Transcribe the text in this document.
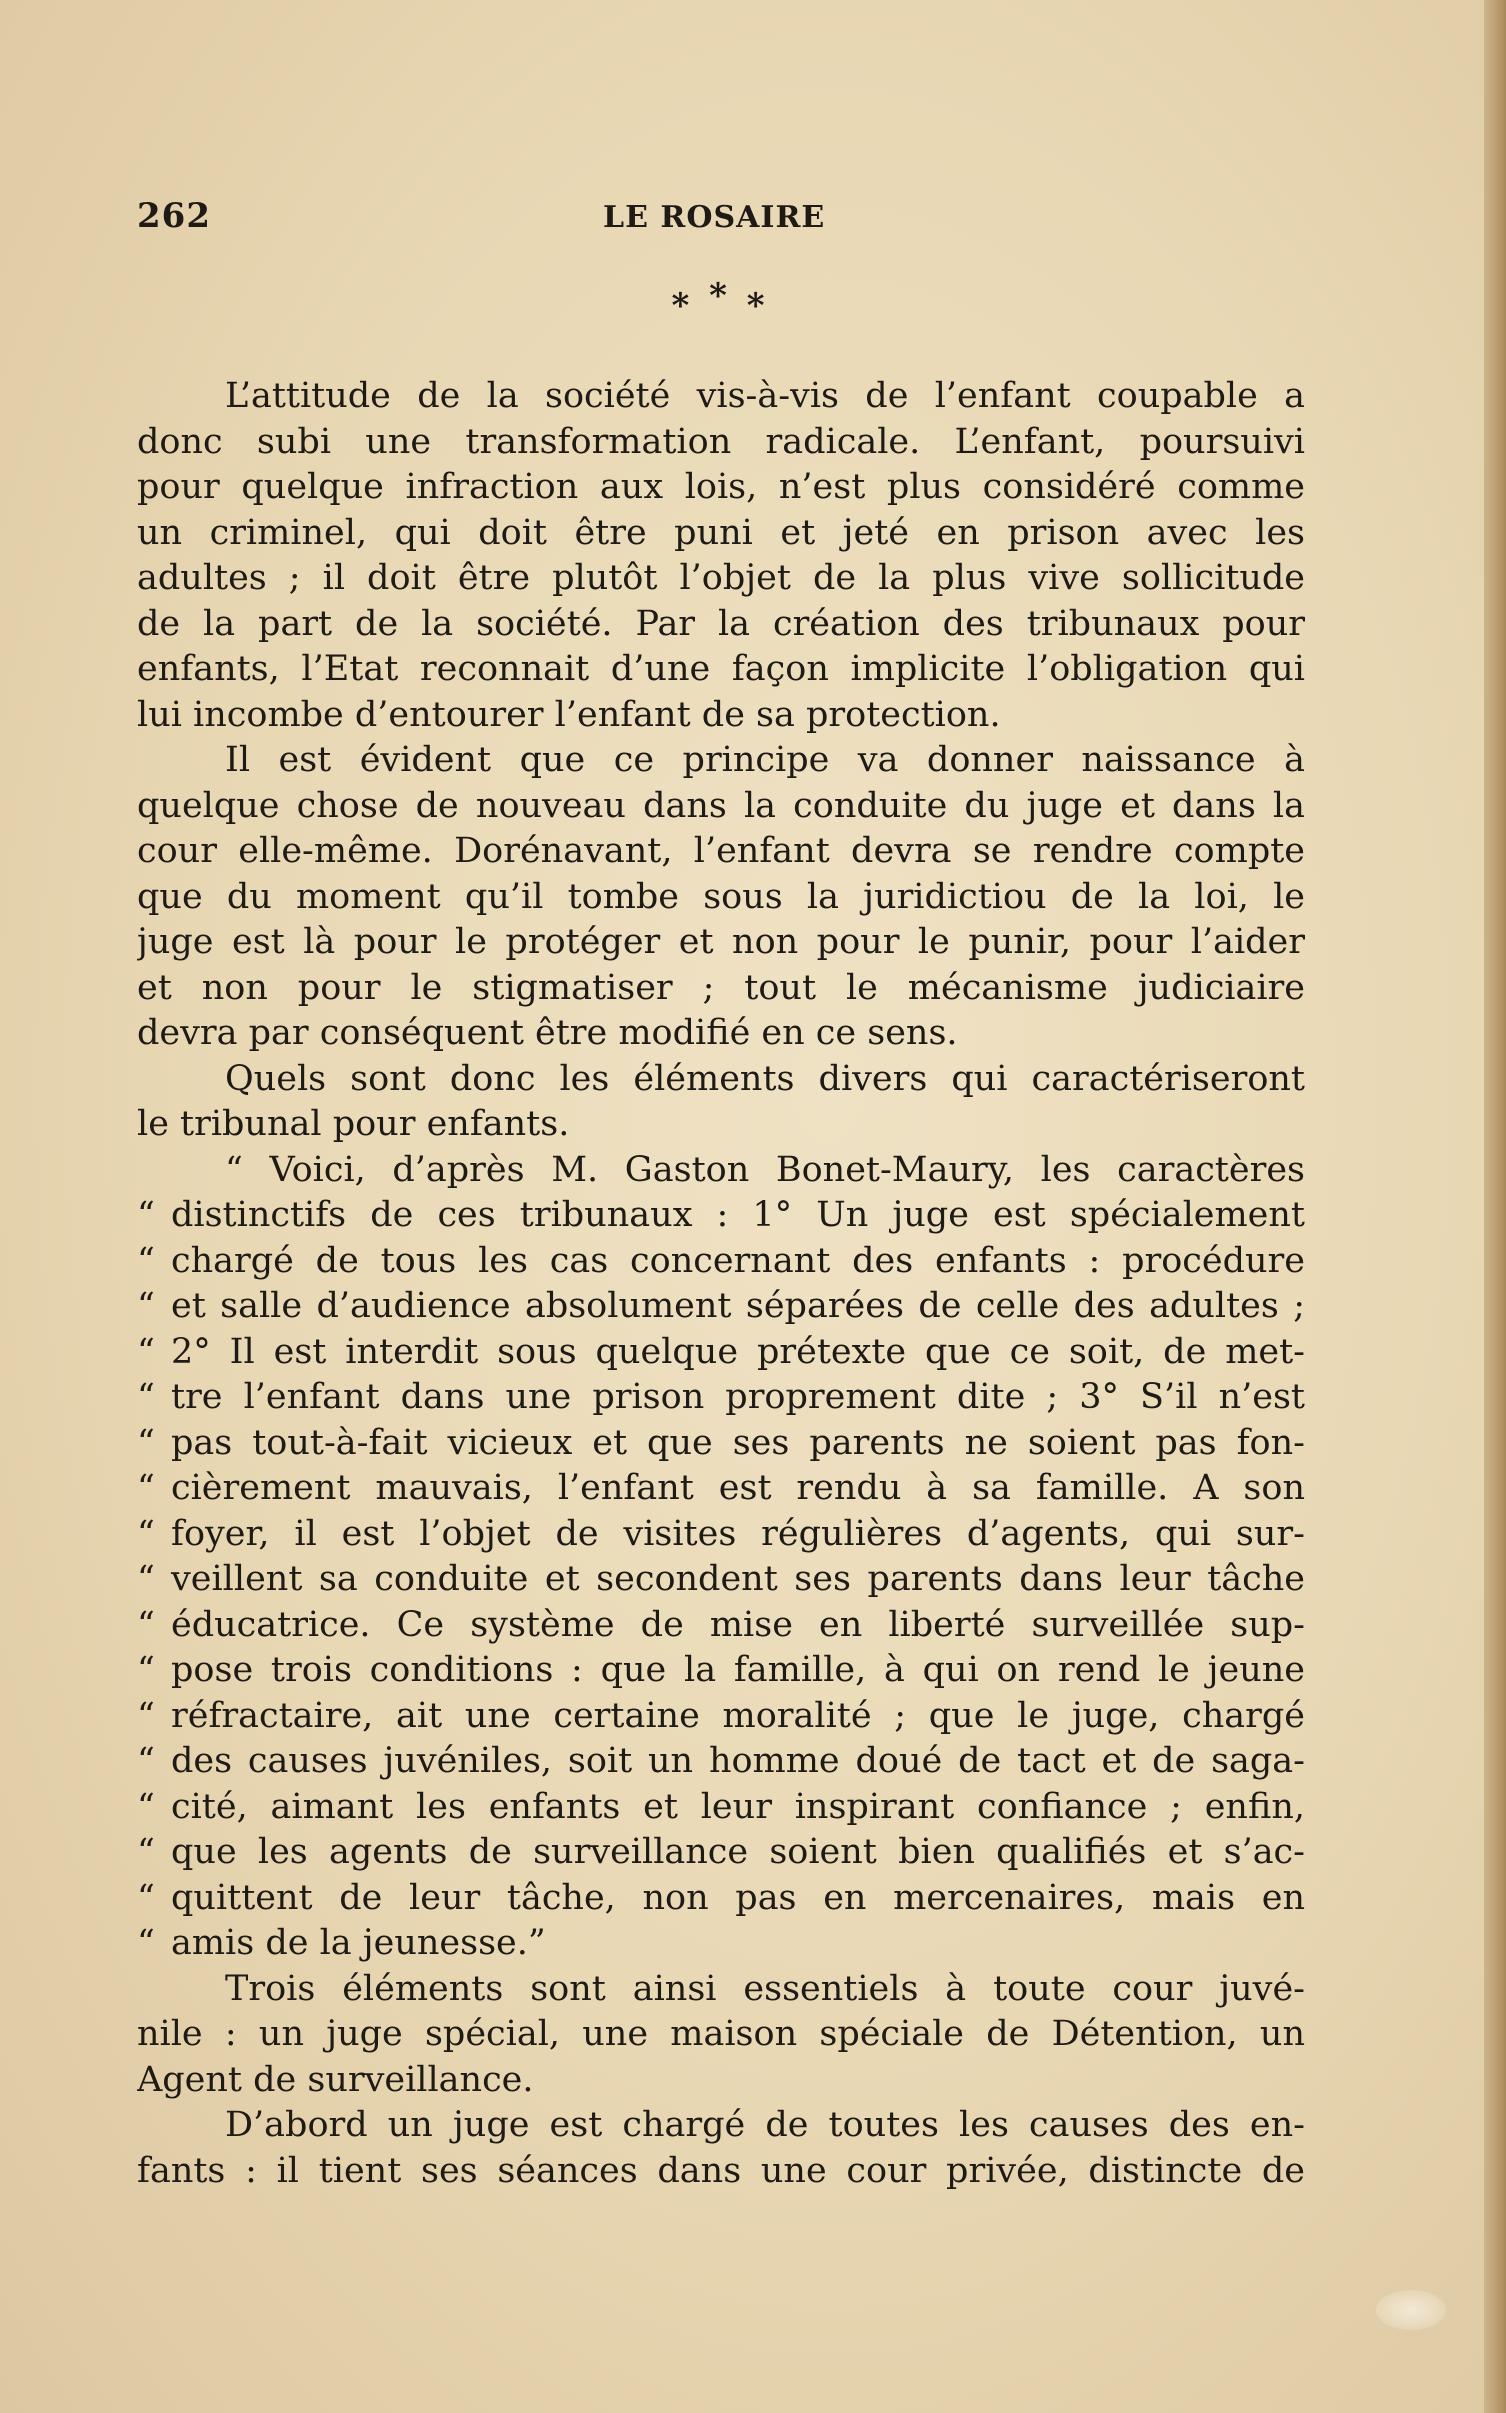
262	LE ROSAIRE
* * *
L’attitude de la société vis-à-vis de l’enfant coupable a
donc subi une transformation radicale. L’enfant, poursuivi
pour quelque infraction aux lois, n’est plus considéré comme
un criminel, qui doit être puni et jeté en prison avec les
adultes ; il doit être plutôt l’objet de la plus vive sollicitude
de la part de la société. Par la création des tribunaux pour
enfants, l’Etat reconnait d’une façon implicite l’obligation qui
lui incombe d’entourer l’enfant de sa protection.
Il est évident que ce principe va donner naissance à
quelque chose de nouveau dans la conduite du juge et dans la
cour elle-même. Dorénavant, l’enfant devra se rendre compte
que du moment qu’il tombe sous la juridictiou de la loi, le
juge est là pour le protéger et non pour le punir, pour l’aider
et non pour le stigmatiser ; tout le mécanisme judiciaire
devra par conséquent être modifié en ce sens.
Quels sont donc les éléments divers qui caractériseront
le tribunal pour enfants.
“ Voici, d’après M. Gaston Bonet-Maury, les caractères
“ distinctifs de ces tribunaux : 1° Un juge est spécialement
“ chargé de tous les cas concernant des enfants : procédure
“ et salle d’audience absolument séparées de celle des adultes ;
“ 2° Il est interdit sous quelque prétexte que ce soit, de met-
“ tre l’enfant dans une prison proprement dite ; 3° S’il n’est
“ pas tout-à-fait vicieux et que ses parents ne soient pas fon-
“ cièrement mauvais, l’enfant est rendu à sa famille. A son
“ foyer, il est l’objet de visites régulières d’agents, qui sur-
“ veillent sa conduite et secondent ses parents dans leur tâche
“ éducatrice. Ce système de mise en liberté surveillée sup-
“ pose trois conditions : que la famille, à qui on rend le jeune
“ réfractaire, ait une certaine moralité ; que le juge, chargé
“ des causes juvéniles, soit un homme doué de tact et de saga-
“ cité, aimant les enfants et leur inspirant confiance ; enfin,
“ que les agents de surveillance soient bien qualifiés et s’ac-
“ quittent de leur tâche, non pas en mercenaires, mais en
“ amis de la jeunesse.”
Trois éléments sont ainsi essentiels à toute cour juvé-
nile : un juge spécial, une maison spéciale de Détention, un
Agent de surveillance.
D’abord un juge est chargé de toutes les causes des en-
fants : il tient ses séances dans une cour privée, distincte de
